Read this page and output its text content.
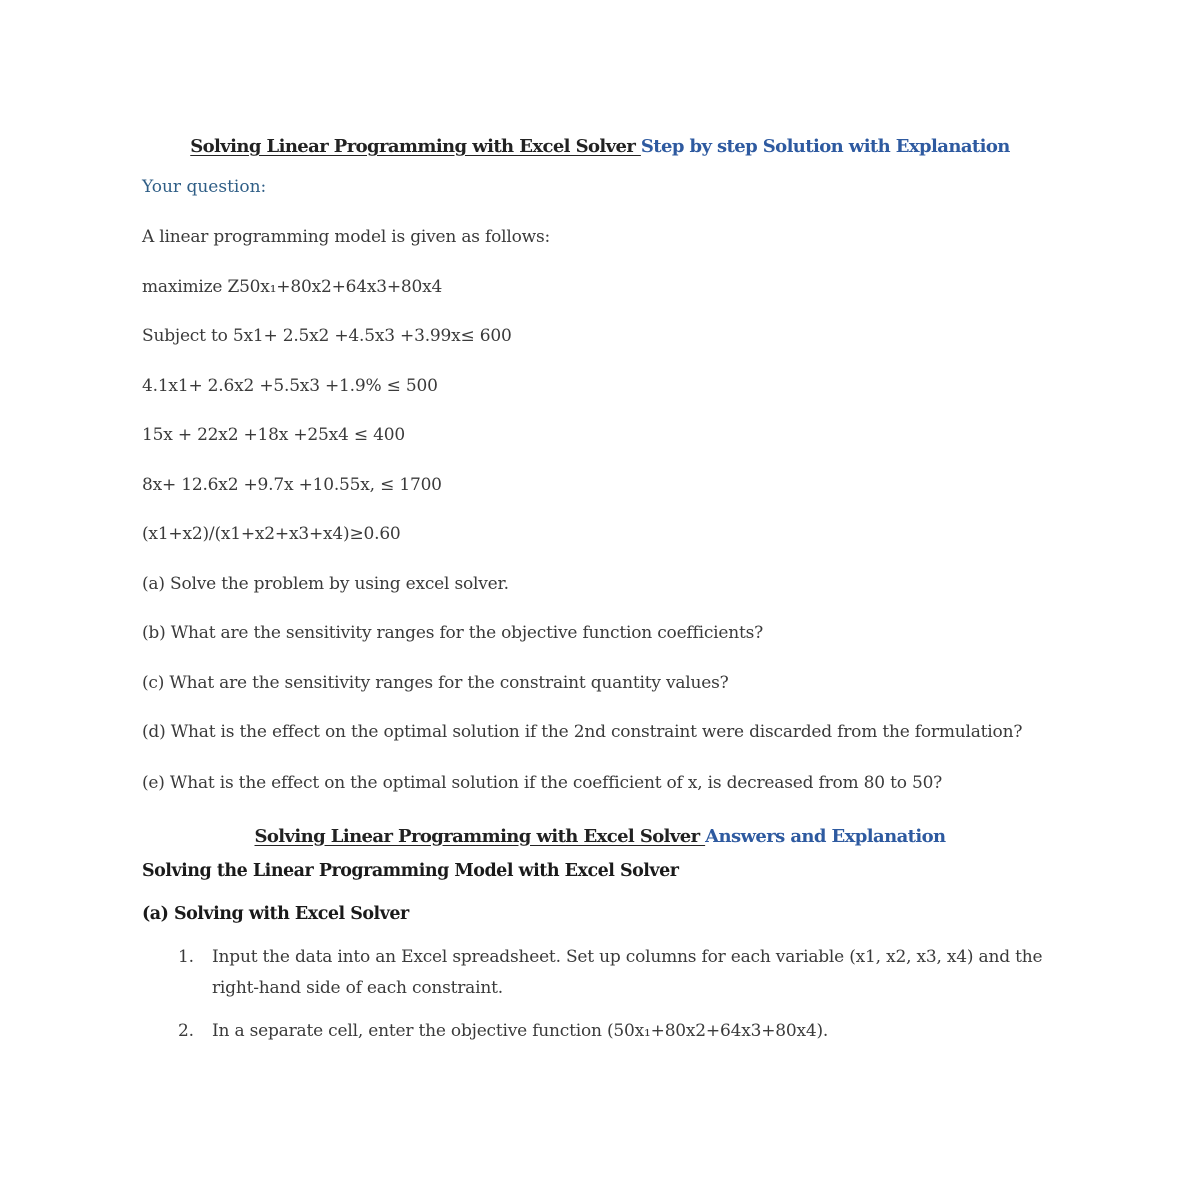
Solving Linear Programming with Excel Solver Step by step Solution with Explanation
Your question:
A linear programming model is given as follows:
maximize Z50x₁+80x2+64x3+80x4
Subject to 5x1+ 2.5x2 +4.5x3 +3.99x≤ 600
4.1x1+ 2.6x2 +5.5x3 +1.9% ≤ 500
15x + 22x2 +18x +25x4 ≤ 400
8x+ 12.6x2 +9.7x +10.55x, ≤ 1700
(x1+x2)/(x1+x2+x3+x4)≥0.60
(a) Solve the problem by using excel solver.
(b) What are the sensitivity ranges for the objective function coefficients?
(c) What are the sensitivity ranges for the constraint quantity values?
(d) What is the effect on the optimal solution if the 2nd constraint were discarded from the formulation?
(e) What is the effect on the optimal solution if the coefficient of x, is decreased from 80 to 50?
Solving Linear Programming with Excel Solver Answers and Explanation
Solving the Linear Programming Model with Excel Solver
(a) Solving with Excel Solver
1. Input the data into an Excel spreadsheet. Set up columns for each variable (x1, x2, x3, x4) and the right-hand side of each constraint.
2. In a separate cell, enter the objective function (50x₁+80x2+64x3+80x4).
